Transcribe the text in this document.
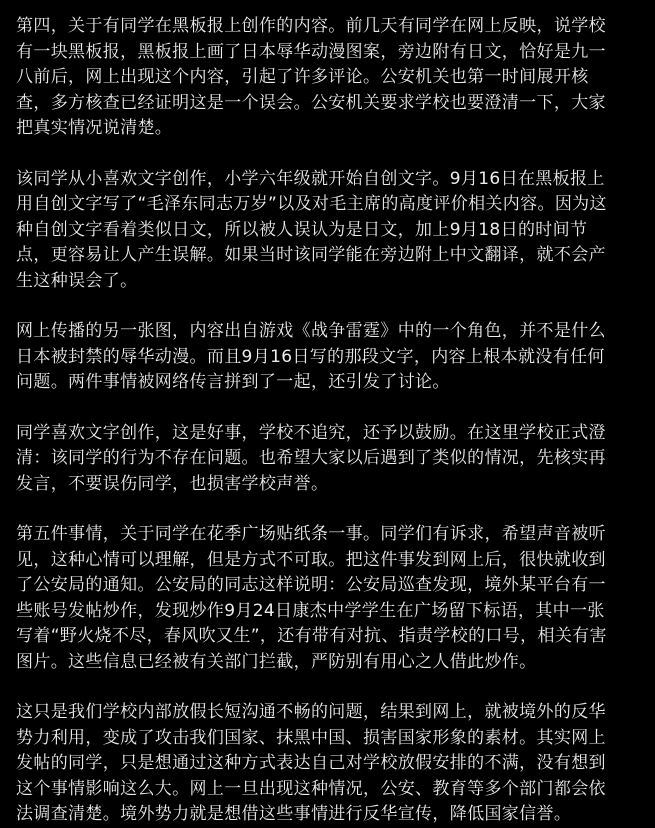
第四，关于有同学在黑板报上创作的内容。前几天有同学在网上反映，说学校
有一块黑板报，黑板报上画了日本辱华动漫图案，旁边附有日文，恰好是九一
八前后，网上出现这个内容，引起了许多评论。公安机关也第一时间展开核
查，多方核查已经证明这是一个误会。公安机关要求学校也要澄清一下，大家
把真实情况说清楚。

该同学从小喜欢文字创作，小学六年级就开始自创文字。9月16日在黑板报上
用自创文字写了“毛泽东同志万岁”以及对毛主席的高度评价相关内容。因为这
种自创文字看着类似日文，所以被人误认为是日文，加上9月18日的时间节
点，更容易让人产生误解。如果当时该同学能在旁边附上中文翻译，就不会产
生这种误会了。

网上传播的另一张图，内容出自游戏《战争雷霆》中的一个角色，并不是什么
日本被封禁的辱华动漫。而且9月16日写的那段文字，内容上根本就没有任何
问题。两件事情被网络传言拼到了一起，还引发了讨论。

同学喜欢文字创作，这是好事，学校不追究，还予以鼓励。在这里学校正式澄
清：该同学的行为不存在问题。也希望大家以后遇到了类似的情况，先核实再
发言，不要误伤同学，也损害学校声誉。

第五件事情，关于同学在花季广场贴纸条一事。同学们有诉求，希望声音被听
见，这种心情可以理解，但是方式不可取。把这件事发到网上后，很快就收到
了公安局的通知。公安局的同志这样说明：公安局巡查发现，境外某平台有一
些账号发帖炒作，发现炒作9月24日康杰中学学生在广场留下标语，其中一张
写着“野火烧不尽，春风吹又生”，还有带有对抗、指责学校的口号，相关有害
图片。这些信息已经被有关部门拦截，严防别有用心之人借此炒作。

这只是我们学校内部放假长短沟通不畅的问题，结果到网上，就被境外的反华
势力利用，变成了攻击我们国家、抹黑中国、损害国家形象的素材。其实网上
发帖的同学，只是想通过这种方式表达自己对学校放假安排的不满，没有想到
这个事情影响这么大。网上一旦出现这种情况，公安、教育等多个部门都会依
法调查清楚。境外势力就是想借这些事情进行反华宣传，降低国家信誉。
